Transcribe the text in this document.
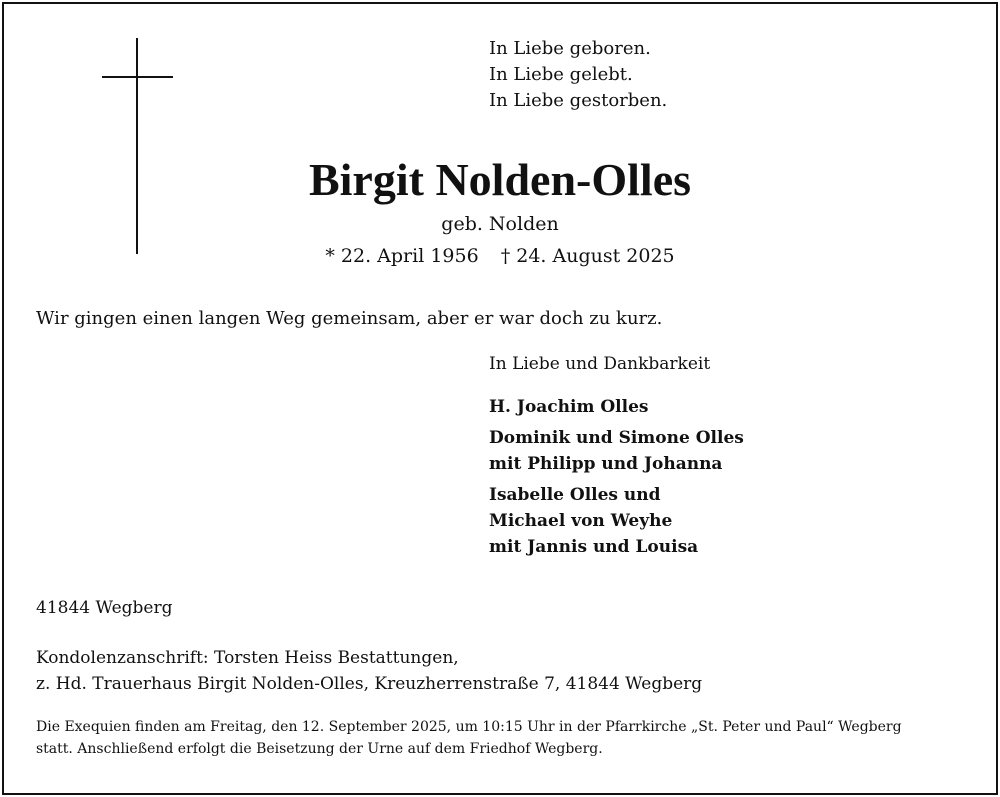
In Liebe geboren.
In Liebe gelebt.
In Liebe gestorben.
Birgit Nolden-Olles
geb. Nolden
* 22. April 1956 † 24. August 2025
Wir gingen einen langen Weg gemeinsam, aber er war doch zu kurz.
In Liebe und Dankbarkeit
H. Joachim Olles
Dominik und Simone Olles
mit Philipp und Johanna
Isabelle Olles und
Michael von Weyhe
mit Jannis und Louisa
41844 Wegberg
Kondolenzanschrift: Torsten Heiss Bestattungen,
z. Hd. Trauerhaus Birgit Nolden-Olles, Kreuzherrenstraße 7, 41844 Wegberg
Die Exequien finden am Freitag, den 12. September 2025, um 10:15 Uhr in der Pfarrkirche „St. Peter und Paul“ Wegberg
statt. Anschließend erfolgt die Beisetzung der Urne auf dem Friedhof Wegberg.
